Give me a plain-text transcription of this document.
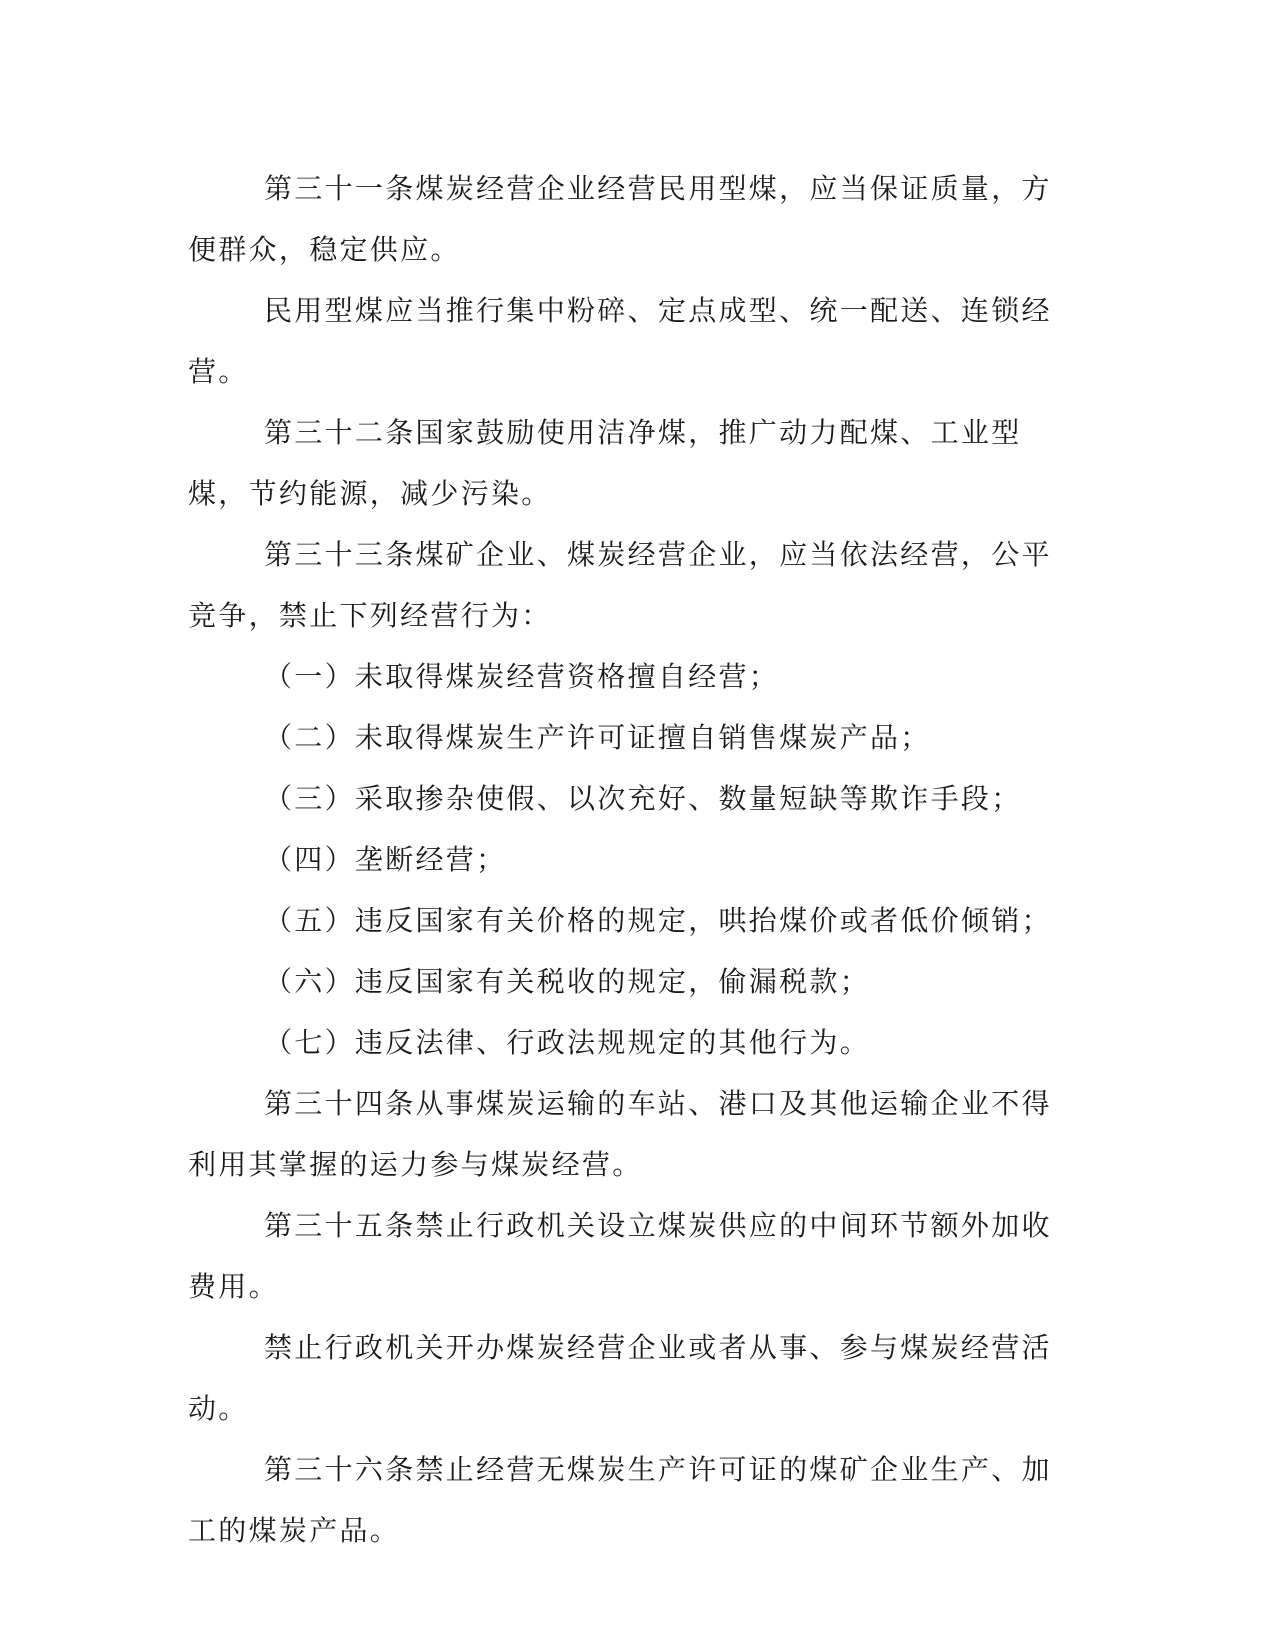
第三十一条煤炭经营企业经营民用型煤，应当保证质量，方便群众，稳定供应。

民用型煤应当推行集中粉碎、定点成型、统一配送、连锁经营。

第三十二条国家鼓励使用洁净煤，推广动力配煤、工业型煤，节约能源，减少污染。

第三十三条煤矿企业、煤炭经营企业，应当依法经营，公平竞争，禁止下列经营行为：

（一）未取得煤炭经营资格擅自经营；

（二）未取得煤炭生产许可证擅自销售煤炭产品；

（三）采取掺杂使假、以次充好、数量短缺等欺诈手段；

（四）垄断经营；

（五）违反国家有关价格的规定，哄抬煤价或者低价倾销；

（六）违反国家有关税收的规定，偷漏税款；

（七）违反法律、行政法规规定的其他行为。

第三十四条从事煤炭运输的车站、港口及其他运输企业不得利用其掌握的运力参与煤炭经营。

第三十五条禁止行政机关设立煤炭供应的中间环节额外加收费用。

禁止行政机关开办煤炭经营企业或者从事、参与煤炭经营活动。

第三十六条禁止经营无煤炭生产许可证的煤矿企业生产、加工的煤炭产品。
